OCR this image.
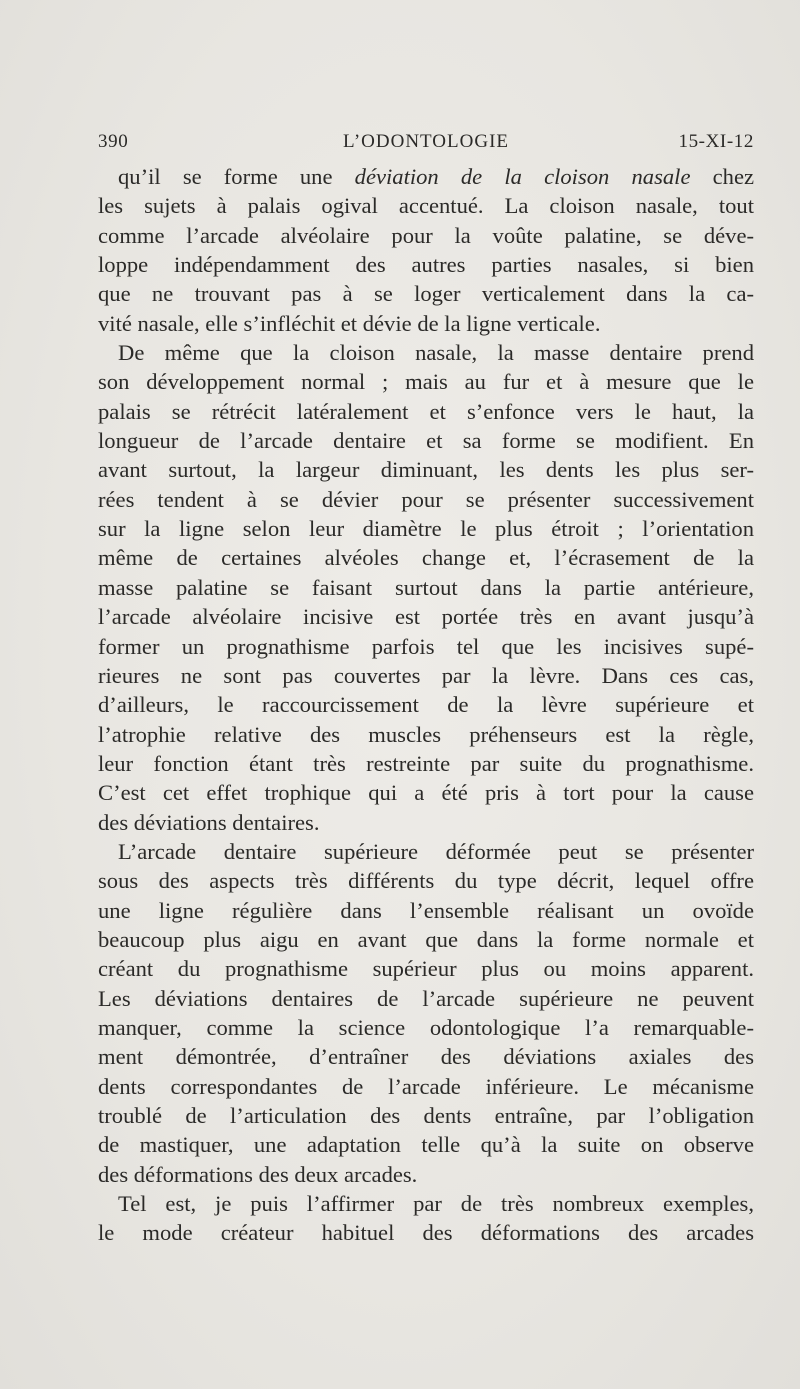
390	L’ODONTOLOGIE	15-XI-12
qu’il se forme une déviation de la cloison nasale chez
les sujets à palais ogival accentué. La cloison nasale, tout
comme l’arcade alvéolaire pour la voûte palatine, se déve-
loppe indépendamment des autres parties nasales, si bien
que ne trouvant pas à se loger verticalement dans la ca-
vité nasale, elle s’infléchit et dévie de la ligne verticale.
De même que la cloison nasale, la masse dentaire prend
son développement normal ; mais au fur et à mesure que le
palais se rétrécit latéralement et s’enfonce vers le haut, la
longueur de l’arcade dentaire et sa forme se modifient. En
avant surtout, la largeur diminuant, les dents les plus ser-
rées tendent à se dévier pour se présenter successivement
sur la ligne selon leur diamètre le plus étroit ; l’orientation
même de certaines alvéoles change et, l’écrasement de la
masse palatine se faisant surtout dans la partie antérieure,
l’arcade alvéolaire incisive est portée très en avant jusqu’à
former un prognathisme parfois tel que les incisives supé-
rieures ne sont pas couvertes par la lèvre. Dans ces cas,
d’ailleurs, le raccourcissement de la lèvre supérieure et
l’atrophie relative des muscles préhenseurs est la règle,
leur fonction étant très restreinte par suite du prognathisme.
C’est cet effet trophique qui a été pris à tort pour la cause
des déviations dentaires.
L’arcade dentaire supérieure déformée peut se présenter
sous des aspects très différents du type décrit, lequel offre
une ligne régulière dans l’ensemble réalisant un ovoïde
beaucoup plus aigu en avant que dans la forme normale et
créant du prognathisme supérieur plus ou moins apparent.
Les déviations dentaires de l’arcade supérieure ne peuvent
manquer, comme la science odontologique l’a remarquable-
ment démontrée, d’entraîner des déviations axiales des
dents correspondantes de l’arcade inférieure. Le mécanisme
troublé de l’articulation des dents entraîne, par l’obligation
de mastiquer, une adaptation telle qu’à la suite on observe
des déformations des deux arcades.
Tel est, je puis l’affirmer par de très nombreux exemples,
le mode créateur habituel des déformations des arcades
